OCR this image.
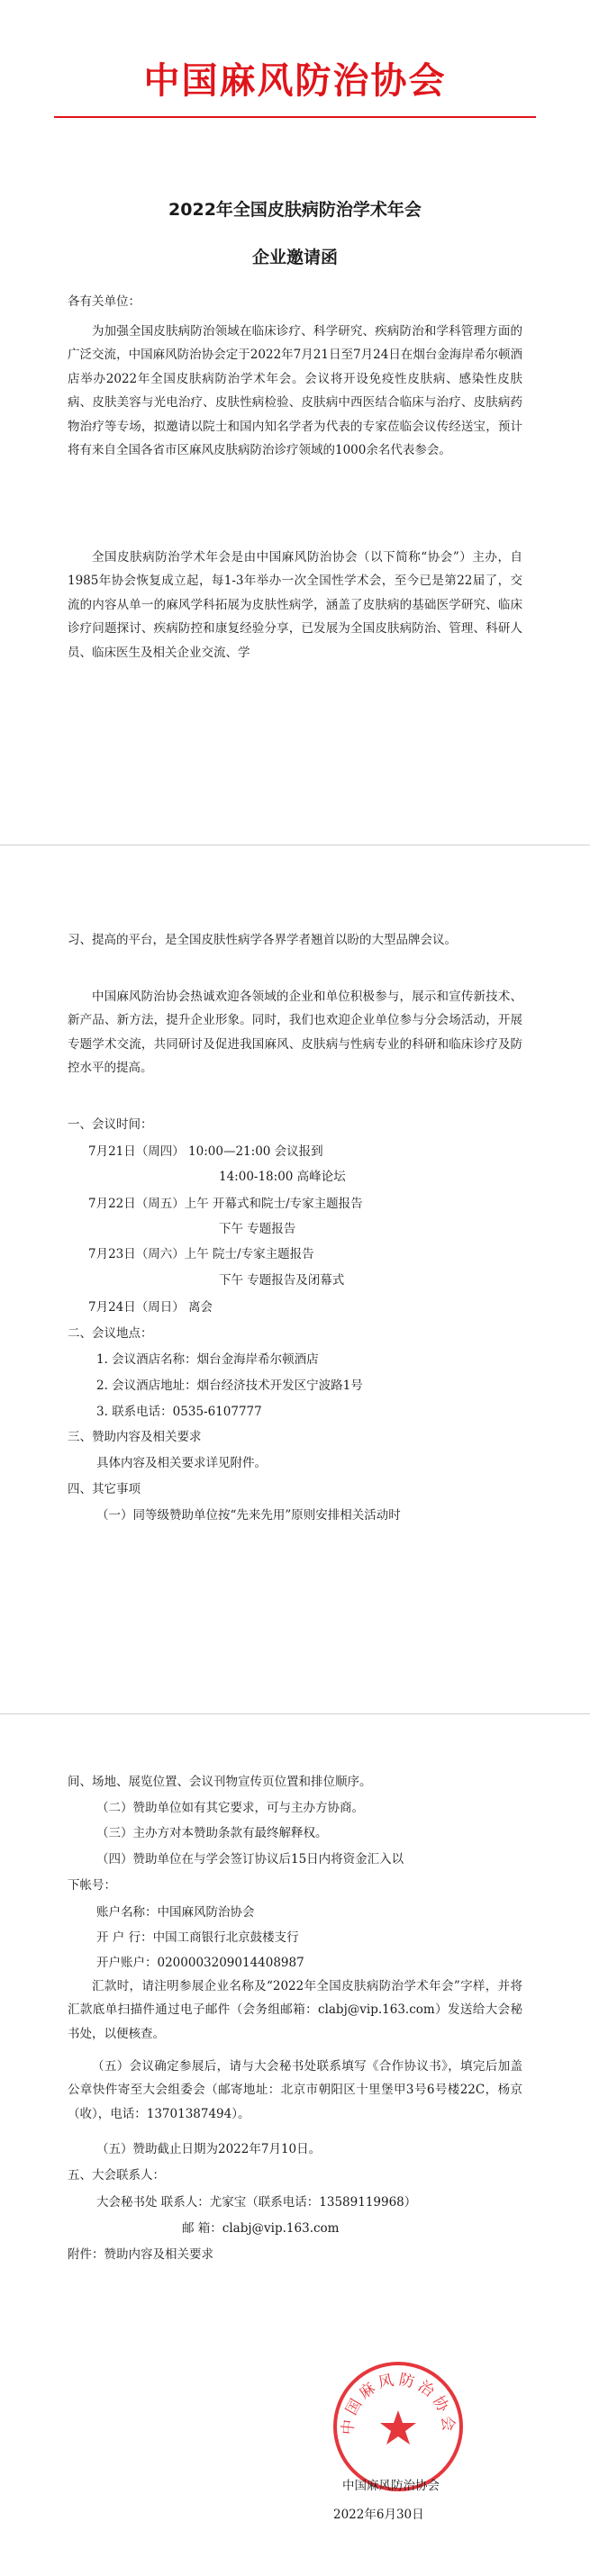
中国麻风防治协会
2022年全国皮肤病防治学术年会
企业邀请函
各有关单位：
为加强全国皮肤病防治领域在临床诊疗、科学研究、疾病防治和学科管理方面的广泛交流，中国麻风防治协会定于2022年7月21日至7月24日在烟台金海岸希尔顿酒店举办2022年全国皮肤病防治学术年会。会议将开设免疫性皮肤病、感染性皮肤病、皮肤美容与光电治疗、皮肤性病检验、皮肤病中西医结合临床与治疗、皮肤病药物治疗等专场，拟邀请以院士和国内知名学者为代表的专家莅临会议传经送宝，预计将有来自全国各省市区麻风皮肤病防治诊疗领域的1000余名代表参会。
全国皮肤病防治学术年会是由中国麻风防治协会（以下简称“协会”）主办，自1985年协会恢复成立起，每1-3年举办一次全国性学术会，至今已是第22届了，交流的内容从单一的麻风学科拓展为皮肤性病学，涵盖了皮肤病的基础医学研究、临床诊疗问题探讨、疾病防控和康复经验分享，已发展为全国皮肤病防治、管理、科研人员、临床医生及相关企业交流、学
习、提高的平台，是全国皮肤性病学各界学者翘首以盼的大型品牌会议。
中国麻风防治协会热诚欢迎各领域的企业和单位积极参与，展示和宣传新技术、新产品、新方法，提升企业形象。同时，我们也欢迎企业单位参与分会场活动，开展专题学术交流，共同研讨及促进我国麻风、皮肤病与性病专业的科研和临床诊疗及防控水平的提高。
一、会议时间：
7月21日（周四） 10:00—21:00 会议报到
14:00-18:00 高峰论坛
7月22日（周五）上午 开幕式和院士/专家主题报告
下午 专题报告
7月23日（周六）上午 院士/专家主题报告
下午 专题报告及闭幕式
7月24日（周日） 离会
二、会议地点：
1. 会议酒店名称：烟台金海岸希尔顿酒店
2. 会议酒店地址：烟台经济技术开发区宁波路1号
3. 联系电话：0535-6107777
三、赞助内容及相关要求
具体内容及相关要求详见附件。
四、其它事项
（一）同等级赞助单位按“先来先用”原则安排相关活动时
间、场地、展览位置、会议刊物宣传页位置和排位顺序。
（二）赞助单位如有其它要求，可与主办方协商。
（三）主办方对本赞助条款有最终解释权。
（四）赞助单位在与学会签订协议后15日内将资金汇入以
下帐号：
账户名称：中国麻风防治协会
开 户 行：中国工商银行北京鼓楼支行
开户账户：0200003209014408987
汇款时，请注明参展企业名称及“2022年全国皮肤病防治学术年会”字样，并将汇款底单扫描件通过电子邮件（会务组邮箱：clabj@vip.163.com）发送给大会秘书处，以便核查。
（五）会议确定参展后，请与大会秘书处联系填写《合作协议书》，填完后加盖公章快件寄至大会组委会（邮寄地址：北京市朝阳区十里堡甲3号6号楼22C，杨京（收），电话：13701387494）。
（五）赞助截止日期为2022年7月10日。
五、大会联系人：
大会秘书处 联系人：尤家宝（联系电话：13589119968）
邮 箱：clabj@vip.163.com
附件：赞助内容及相关要求
中国麻风防治协会
中国麻风防治协会
2022年6月30日
